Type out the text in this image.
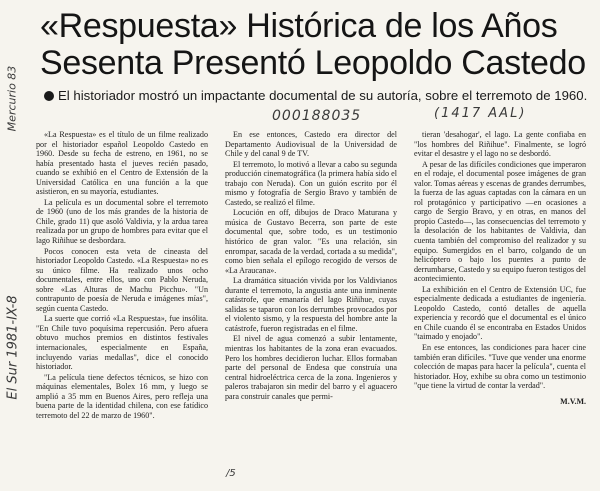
«Respuesta» Histórica de los Años Sesenta Presentó Leopoldo Castedo

El historiador mostró un impactante documental de su autoría, sobre el terremoto de 1960.

000188035	(1417 AAL)
Mercurio 83
El Sur 1981-IX-8
/5

«La Respuesta» es el título de un filme realizado por el historiador español Leopoldo Castedo en 1960. Desde su fecha de estreno, en 1961, no se había presentado hasta el jueves recién pasado, cuando se exhibió en el Centro de Extensión de la Universidad Católica en una función a la que asistieron, en su mayoría, estudiantes.

La película es un documental sobre el terremoto de 1960 (uno de los más grandes de la historia de Chile, grado 11) que asoló Valdivia, y la ardua tarea realizada por un grupo de hombres para evitar que el lago Riñihue se desbordara.

Pocos conocen esta veta de cineasta del historiador Leopoldo Castedo. «La Respuesta» no es su único filme. Ha realizado unos ocho documentales, entre ellos, uno con Pablo Neruda, sobre «Las Alturas de Machu Picchu». "Un contrapunto de poesía de Neruda e imágenes mías", según cuenta Castedo.

La suerte que corrió «La Respuesta», fue insólita. "En Chile tuvo poquísima repercusión. Pero afuera obtuvo muchos premios en distintos festivales internacionales, especialmente en España, incluyendo varias medallas", dice el conocido historiador.

"La película tiene defectos técnicos, se hizo con máquinas elementales, Bolex 16 mm, y luego se amplió a 35 mm en Buenos Aires, pero refleja una buena parte de la identidad chilena, con ese fatídico terremoto del 22 de marzo de 1960".

En ese entonces, Castedo era director del Departamento Audiovisual de la Universidad de Chile y del canal 9 de TV.

El terremoto, lo motivó a llevar a cabo su segunda producción cinematográfica (la primera había sido el trabajo con Neruda). Con un guión escrito por él mismo y fotografía de Sergio Bravo y también de Castedo, se realizó el filme.

Locución en off, dibujos de Draco Maturana y música de Gustavo Becerra, son parte de este documental que, sobre todo, es un testimonio histórico de gran valor. "Es una relación, sin enrompar, sacada de la verdad, cortada a su medida", como bien señala el epílogo recogido de versos de «La Araucana».

La dramática situación vivida por los Valdivianos durante el terremoto, la angustia ante una inminente catástrofe, que emanaría del lago Riñihue, cuyas salidas se taparon con los derrumbes provocados por el violento sismo, y la respuesta del hombre ante la catástrofe, fueron registradas en el filme.

El nivel de agua comenzó a subir lentamente, mientras los habitantes de la zona eran evacuados. Pero los hombres decidieron luchar. Ellos formaban parte del personal de Endesa que construía una central hidroeléctrica cerca de la zona. Ingenieros y paleros trabajaron sin medir del barro y el aguacero para construir canales que permi-

tieran 'desahogar', el lago. La gente confiaba en "los hombres del Riñihue". Finalmente, se logró evitar el desastre y el lago no se desbordó.

A pesar de las difíciles condiciones que imperaron en el rodaje, el documental posee imágenes de gran valor. Tomas aéreas y escenas de grandes derrumbes, la fuerza de las aguas captadas con la cámara en un rol protagónico y participativo —en ocasiones a cargo de Sergio Bravo, y en otras, en manos del propio Castedo—, las consecuencias del terremoto y la desolación de los habitantes de Valdivia, dan cuenta también del compromiso del realizador y su equipo. Sumergidos en el barro, colgando de un helicóptero o bajo los puentes a punto de derrumbarse, Castedo y su equipo fueron testigos del acontecimiento.

La exhibición en el Centro de Extensión UC, fue especialmente dedicada a estudiantes de ingeniería. Leopoldo Castedo, contó detalles de aquella experiencia y recordó que el documental es el único en Chile cuando él se encontraba en Estados Unidos "taimado y enojado".

En ese entonces, las condiciones para hacer cine también eran difíciles. "Tuve que vender una enorme colección de mapas para hacer la película", cuenta el historiador. Hoy, exhibe su obra como un testimonio "que tiene la virtud de contar la verdad".

M.V.M.
